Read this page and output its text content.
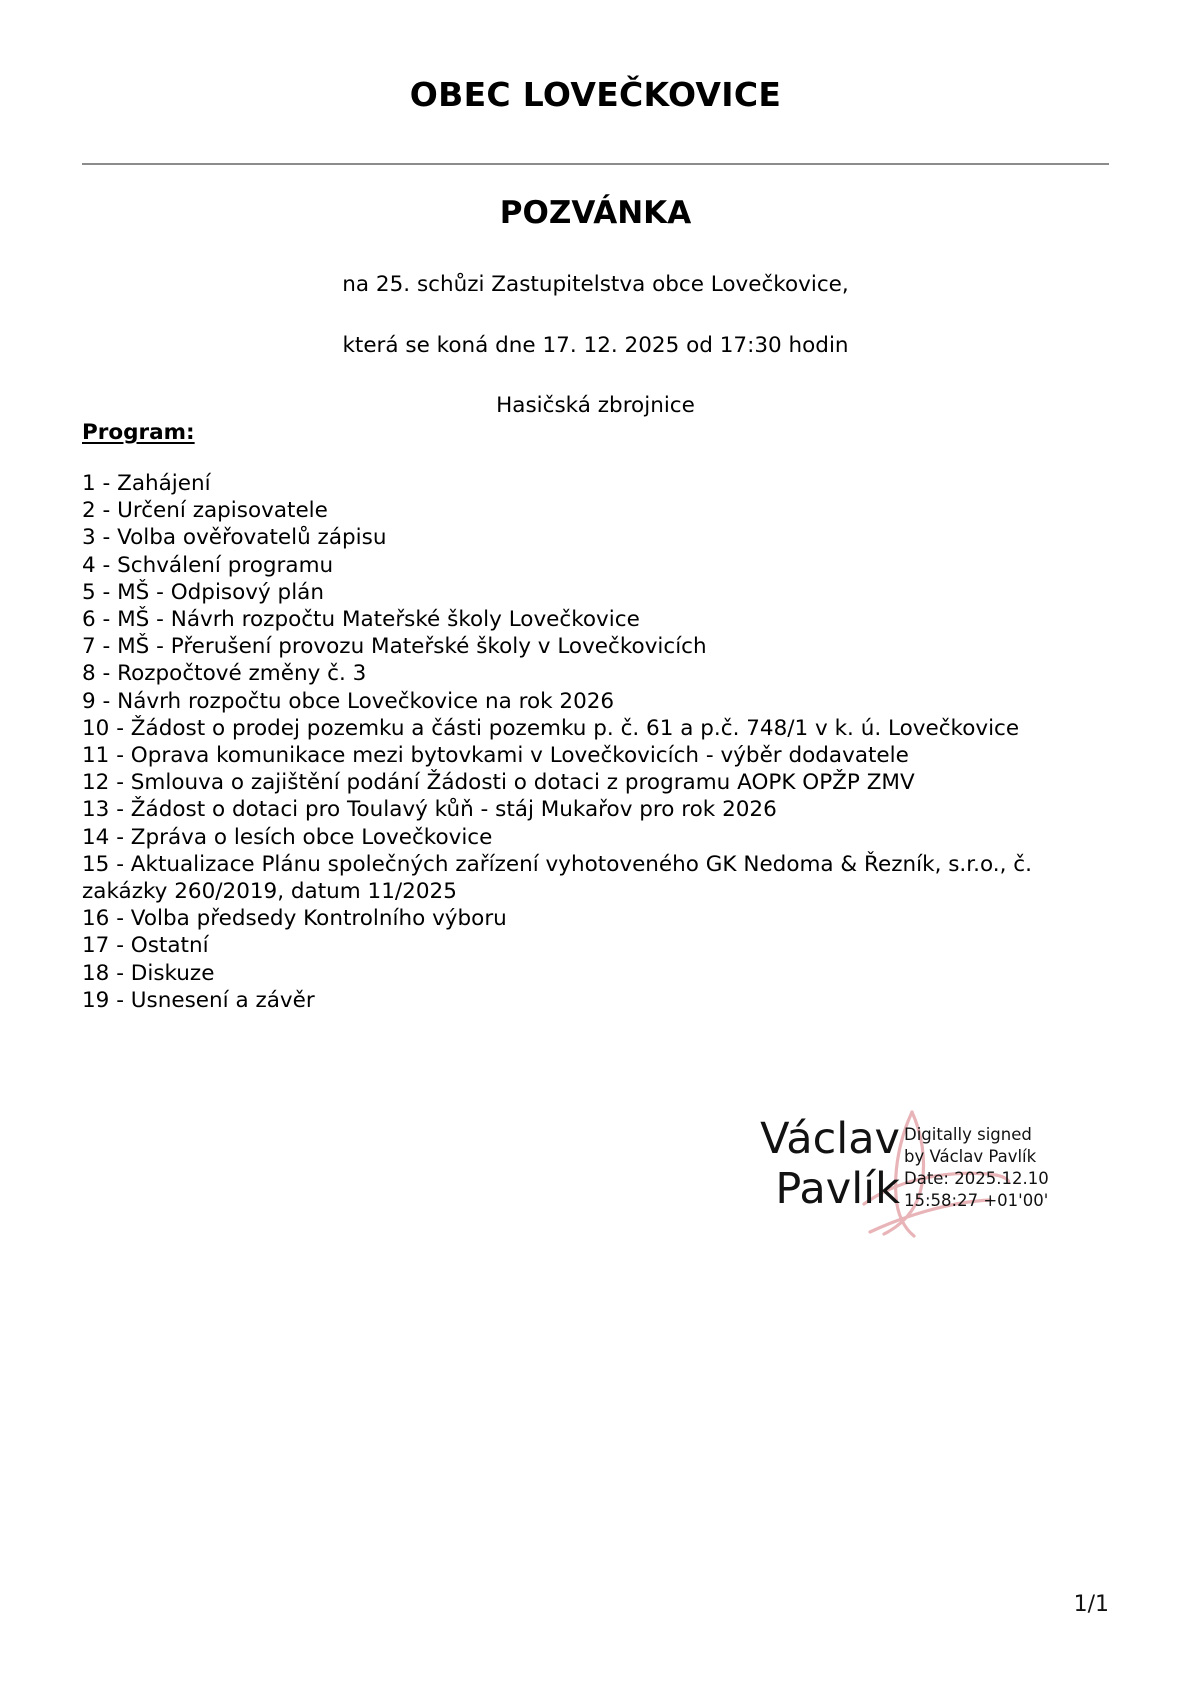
OBEC LOVEČKOVICE
POZVÁNKA
na 25. schůzi Zastupitelstva obce Lovečkovice,
která se koná dne 17. 12. 2025 od 17:30 hodin
Hasičská zbrojnice
Program:
1 - Zahájení
2 - Určení zapisovatele
3 - Volba ověřovatelů zápisu
4 - Schválení programu
5 - MŠ - Odpisový plán
6 - MŠ - Návrh rozpočtu Mateřské školy Lovečkovice
7 - MŠ - Přerušení provozu Mateřské školy v Lovečkovicích
8 - Rozpočtové změny č. 3
9 - Návrh rozpočtu obce Lovečkovice na rok 2026
10 - Žádost o prodej pozemku a části pozemku p. č. 61 a p.č. 748/1 v k. ú. Lovečkovice
11 - Oprava komunikace mezi bytovkami v Lovečkovicích - výběr dodavatele
12 - Smlouva o zajištění podání Žádosti o dotaci z programu AOPK OPŽP ZMV
13 - Žádost o dotaci pro Toulavý kůň - stáj Mukařov pro rok 2026
14 - Zpráva o lesích obce Lovečkovice
15 - Aktualizace Plánu společných zařízení vyhotoveného GK Nedoma & Řezník, s.r.o., č. zakázky 260/2019, datum 11/2025
16 - Volba předsedy Kontrolního výboru
17 - Ostatní
18 - Diskuze
19 - Usnesení a závěr
Václav
Pavlík
Digitally signed
by Václav Pavlík
Date: 2025.12.10
15:58:27 +01'00'
1/1
